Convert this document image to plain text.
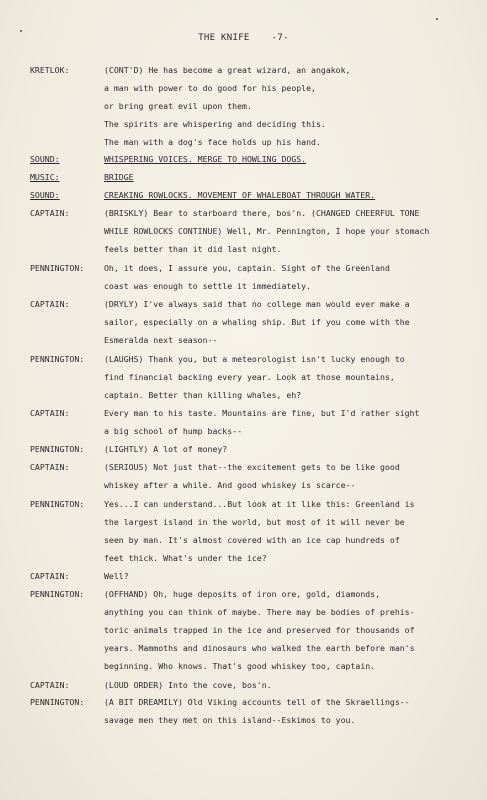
THE KNIFE -7-
KRETLOK:	(CONT'D) He has become a great wizard, an angakok,
a man with power to do good for his people,
or bring great evil upon them.
The spirits are whispering and deciding this.
The man with a dog's face holds up his hand.
SOUND:	WHISPERING VOICES. MERGE TO HOWLING DOGS.
MUSIC:	BRIDGE
SOUND:	CREAKING ROWLOCKS. MOVEMENT OF WHALEBOAT THROUGH WATER.
CAPTAIN:	(BRISKLY) Bear to starboard there, bos'n. (CHANGED CHEERFUL TONE
WHILE ROWLOCKS CONTINUE) Well, Mr. Pennington, I hope your stomach
feels better than it did last night.
PENNINGTON: Oh, it does, I assure you, captain. Sight of the Greenland
coast was enough to settle it immediately.
CAPTAIN:	(DRYLY) I've always said that no college man would ever make a
sailor, especially on a whaling ship. But if you come with the
Esmeralda next season--
PENNINGTON: (LAUGHS) Thank you, but a meteorologist isn't lucky enough to
find financial backing every year. Look at those mountains,
captain. Better than killing whales, eh?
CAPTAIN:	Every man to his taste. Mountains are fine, but I'd rather sight
a big school of hump backs--
PENNINGTON: (LIGHTLY) A lot of money?
CAPTAIN:	(SERIOUS) Not just that--the excitement gets to be like good
whiskey after a while. And good whiskey is scarce--
PENNINGTON: Yes...I can understand...But look at it like this: Greenland is
the largest island in the world, but most of it will never be
seen by man. It's almost covered with an ice cap hundreds of
feet thick. What's under the ice?
CAPTAIN:	Well?
PENNINGTON: (OFFHAND) Oh, huge deposits of iron ore, gold, diamonds,
anything you can think of maybe. There may be bodies of prehis-
toric animals trapped in the ice and preserved for thousands of
years. Mammoths and dinosaurs who walked the earth before man's
beginning. Who knows. That's good whiskey too, captain.
CAPTAIN:	(LOUD ORDER) Into the cove, bos'n.
PENNINGTON: (A BIT DREAMILY) Old Viking accounts tell of the Skraellings--
savage men they met on this island--Eskimos to you.
